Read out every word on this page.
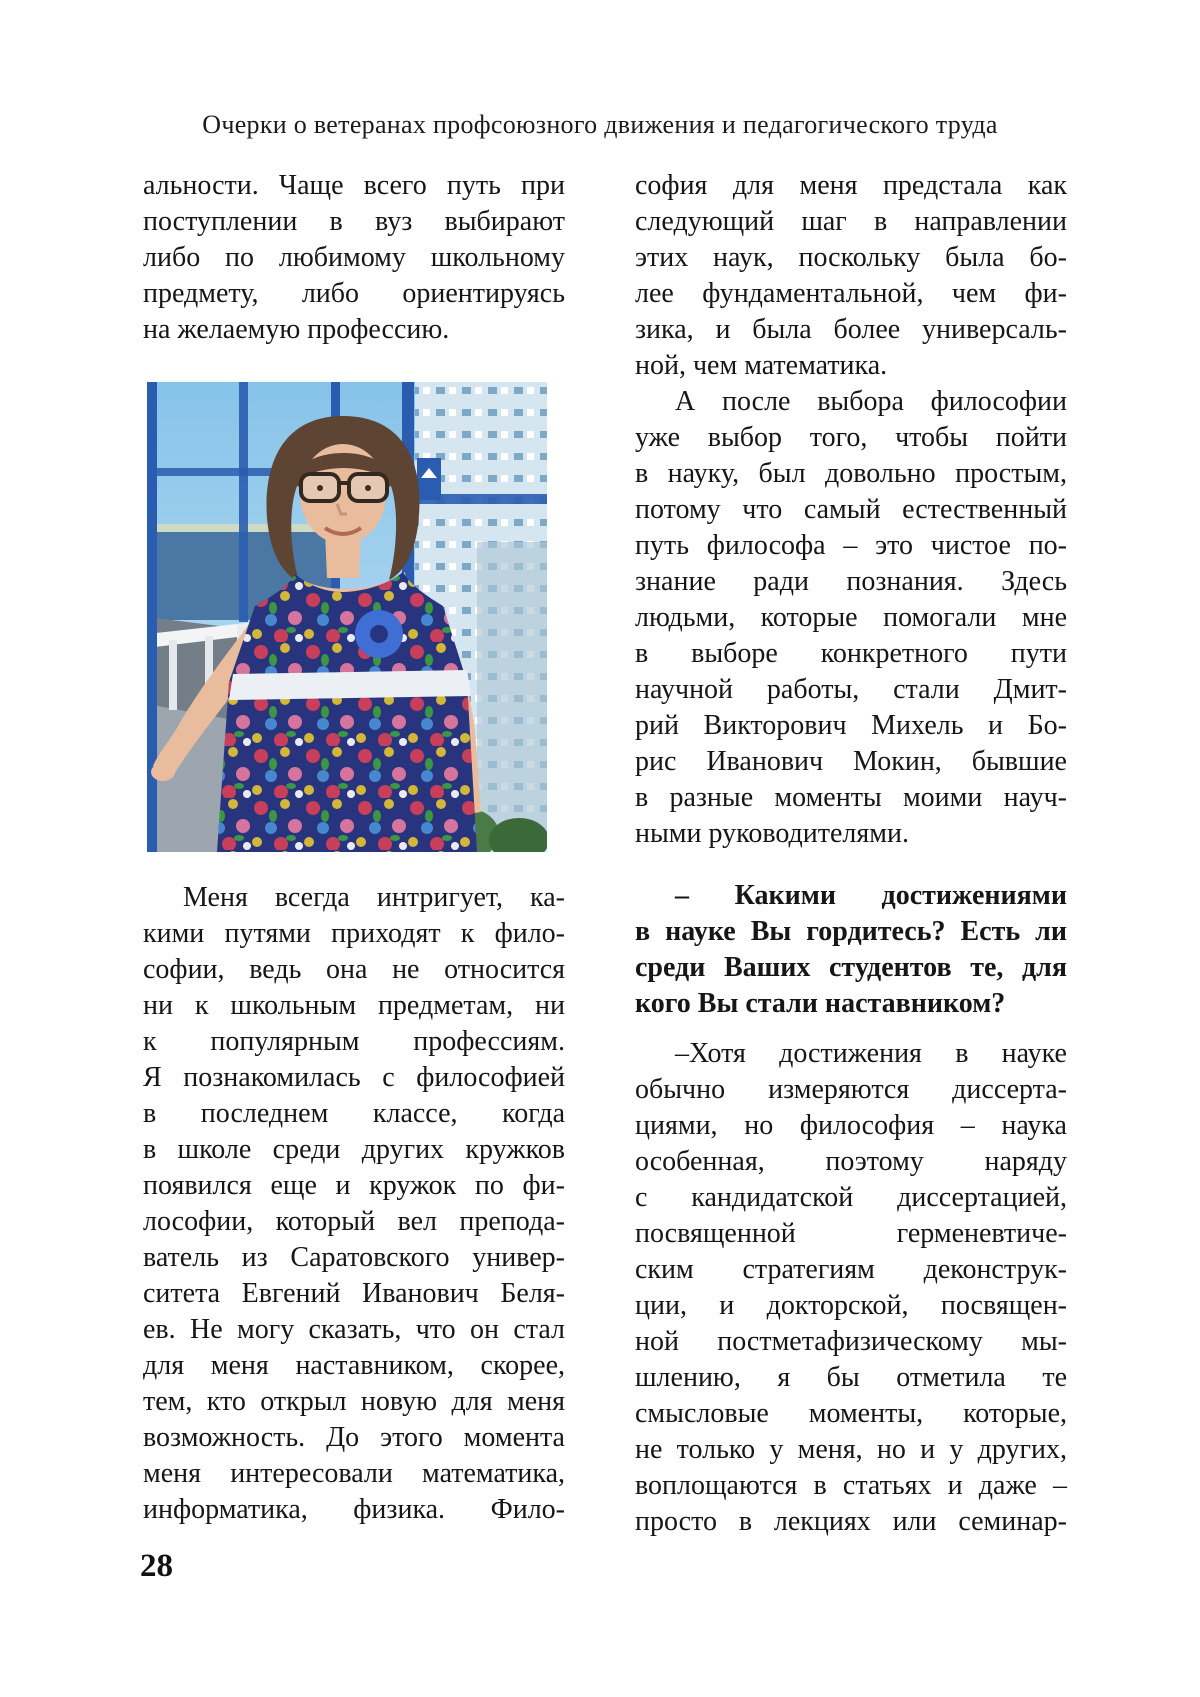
Очерки о ветеранах профсоюзного движения и педагогического труда
альности. Чаще всего путь при
поступлении в вуз выбирают
либо по любимому школьному
предмету, либо ориентируясь
на желаемую профессию.
Меня всегда интригует, ка-
кими путями приходят к фило-
софии, ведь она не относится
ни к школьным предметам, ни
к популярным профессиям.
Я познакомилась с философией
в последнем классе, когда
в школе среди других кружков
появился еще и кружок по фи-
лософии, который вел препода-
ватель из Саратовского универ-
ситета Евгений Иванович Беля-
ев. Не могу сказать, что он стал
для меня наставником, скорее,
тем, кто открыл новую для меня
возможность. До этого момента
меня интересовали математика,
информатика, физика. Фило-
софия для меня предстала как
следующий шаг в направлении
этих наук, поскольку была бо-
лее фундаментальной, чем фи-
зика, и была более универсаль-
ной, чем математика.
А после выбора философии
уже выбор того, чтобы пойти
в науку, был довольно простым,
потому что самый естественный
путь философа – это чистое по-
знание ради познания. Здесь
людьми, которые помогали мне
в выборе конкретного пути
научной работы, стали Дмит-
рий Викторович Михель и Бо-
рис Иванович Мокин, бывшие
в разные моменты моими науч-
ными руководителями.
– Какими достижениями
в науке Вы гордитесь? Есть ли
среди Ваших студентов те, для
кого Вы стали наставником?
–Хотя достижения в науке
обычно измеряются диссерта-
циями, но философия – наука
особенная, поэтому наряду
с кандидатской диссертацией,
посвященной герменевтиче-
ским стратегиям деконструк-
ции, и докторской, посвящен-
ной постметафизическому мы-
шлению, я бы отметила те
смысловые моменты, которые,
не только у меня, но и у других,
воплощаются в статьях и даже –
просто в лекциях или семинар-
28
